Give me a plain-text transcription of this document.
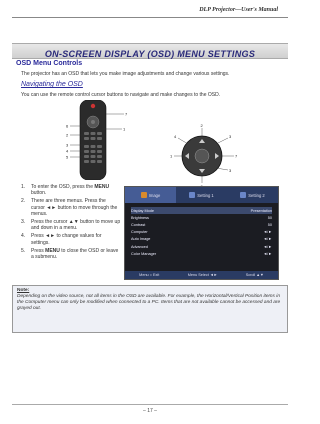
DLP Projector—User's Manual
ON-SCREEN DISPLAY (OSD) MENU SETTINGS
OSD Menu Controls
The projector has an OSD that lets you make image adjustments and change various settings.
Navigating the OSD
You can use the remote control cursor buttons to navigate and make changes to the OSD.
7
6
1
2
3
4
5
2
4	3
1
3
7
1. To enter the OSD, press the MENU button.
2. There are three menus. Press the cursor ◄► button to move through the menus.
3. Press the cursor ▲▼ button to move up and down in a menu.
4. Press ◄► to change values for settings.
5. Press MENU to close the OSD or leave a submenu.
Image	Setting 1	Setting 2
Display Mode	Presentation
Brightness	50
Contrast	50
Computer	◄/►
Auto Image	◄/►
Advanced	◄/►
Color Manager	◄/►
Menu = Exit	Menu Select ◄►	Scroll ▲▼
Note:
Depending on the video source, not all items in the OSD are available. For example, the Horizontal/Vertical Position items in the Computer menu can only be modified when connected to a PC. Items that are not available cannot be accessed and are grayed out.
– 17 –
